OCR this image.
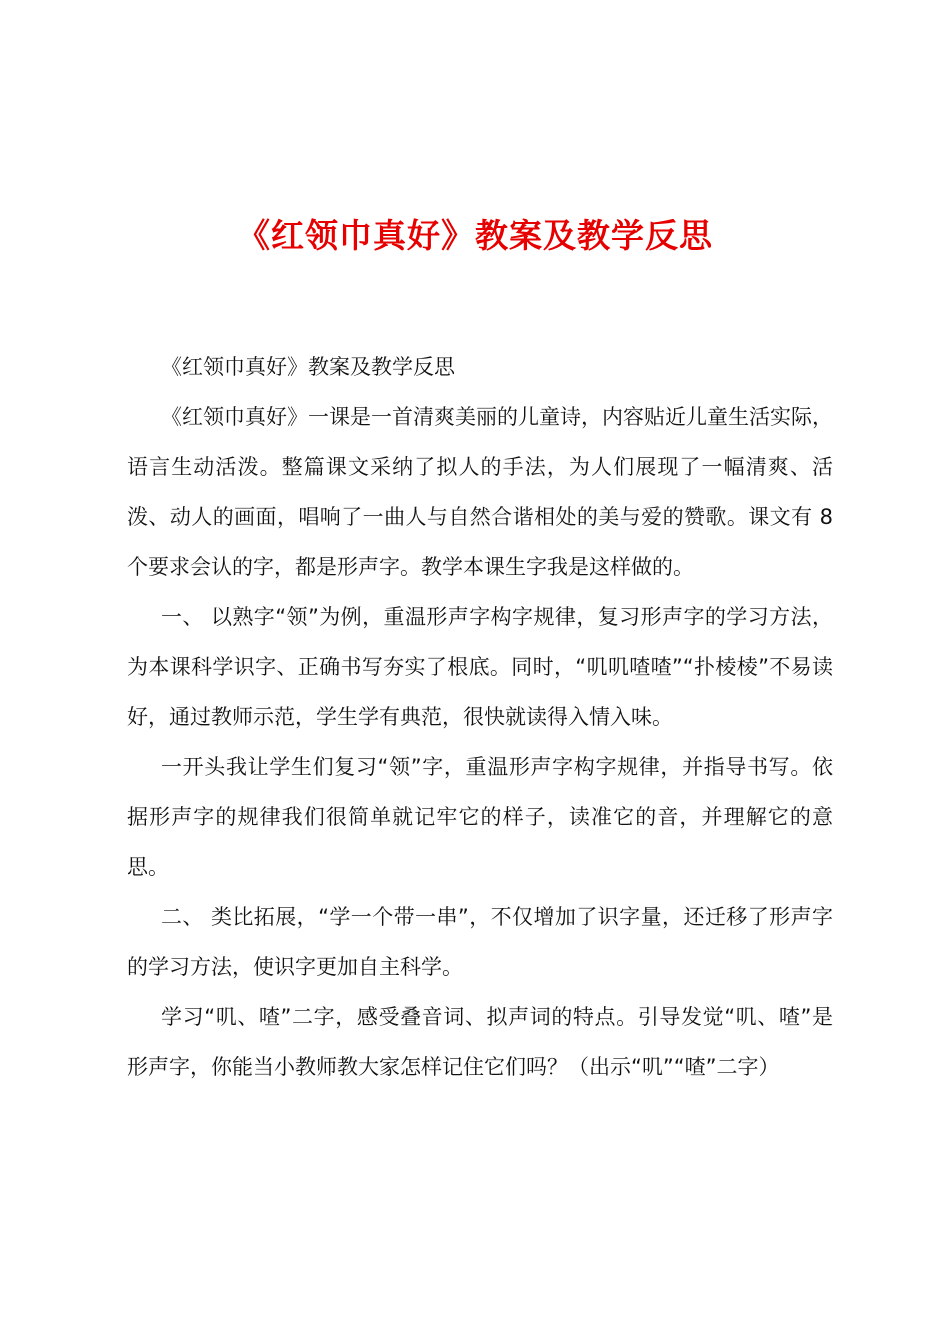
《红领巾真好》教案及教学反思

《红领巾真好》教案及教学反思

《红领巾真好》一课是一首清爽美丽的儿童诗，内容贴近儿童生活实际，语言生动活泼。整篇课文采纳了拟人的手法，为人们展现了一幅清爽、活泼、动人的画面，唱响了一曲人与自然合谐相处的美与爱的赞歌。课文有 8 个要求会认的字，都是形声字。教学本课生字我是这样做的。

一、 以熟字“领”为例，重温形声字构字规律，复习形声字的学习方法，为本课科学识字、正确书写夯实了根底。同时，“叽叽喳喳”“扑棱棱”不易读好，通过教师示范，学生学有典范，很快就读得入情入味。

一开头我让学生们复习“领”字，重温形声字构字规律，并指导书写。依据形声字的规律我们很简单就记牢它的样子，读准它的音，并理解它的意思。

二、 类比拓展，“学一个带一串”，不仅增加了识字量，还迁移了形声字的学习方法，使识字更加自主科学。

学习“叽、喳”二字，感受叠音词、拟声词的特点。引导发觉“叽、喳”是形声字，你能当小教师教大家怎样记住它们吗？（出示“叽”“喳”二字）
